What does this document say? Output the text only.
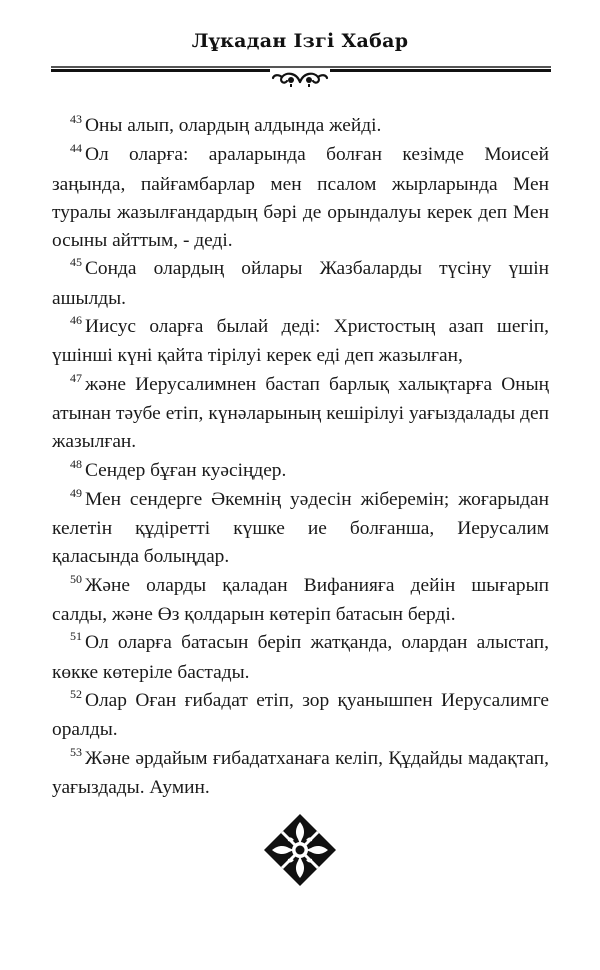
Лұкадан Ізгі Хабар

$^{43}$ Оны алып, олардың алдында жейді.

$^{44}$ Ол оларға: араларында болған кезімде Моисей заңында, пайғамбарлар мен псалом жырларында Мен туралы жазылғандардың бәрі де орындалуы керек деп Мен осыны айттым, - деді.

$^{45}$ Сонда олардың ойлары Жазбаларды түсіну үшін ашылды.

$^{46}$ Иисус оларға былай деді: Христостың азап шегіп, үшінші күні қайта тірілуі керек еді деп жазылған,

$^{47}$ және Иерусалимнен бастап барлық халықтарға Оның атынан тәубе етіп, күнәларының кешірілуі уағыздалады деп жазылған.

$^{48}$ Сендер бұған куәсіңдер.

$^{49}$ Мен сендерге Әкемнің уәдесін жіберемін; жоғарыдан келетін құдіретті күшке ие болғанша, Иерусалим қаласында болыңдар.

$^{50}$ Және оларды қаладан Вифанияға дейін шығарып салды, және Өз қолдарын көтеріп батасын берді.

$^{51}$ Ол оларға батасын беріп жатқанда, олардан алыстап, көкке көтеріле бастады.

$^{52}$ Олар Оған ғибадат етіп, зор қуанышпен Иерусалимге оралды.

$^{53}$ Және әрдайым ғибадатханаға келіп, Құдайды мадақтап, уағыздады. Аумин.
